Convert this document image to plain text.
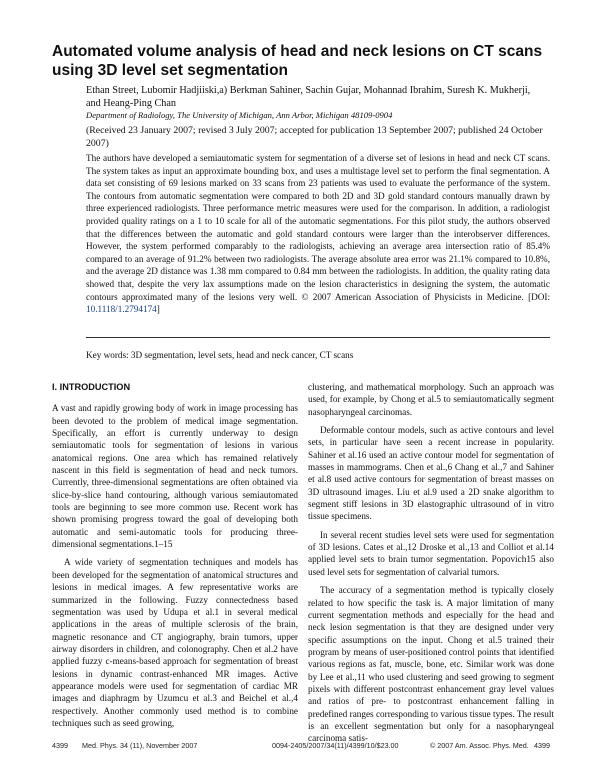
Automated volume analysis of head and neck lesions on CT scans using 3D level set segmentation
Ethan Street, Lubomir Hadjiiski,a) Berkman Sahiner, Sachin Gujar, Mohannad Ibrahim, Suresh K. Mukherji, and Heang-Ping Chan
Department of Radiology, The University of Michigan, Ann Arbor, Michigan 48109-0904
(Received 23 January 2007; revised 3 July 2007; accepted for publication 13 September 2007; published 24 October 2007)
The authors have developed a semiautomatic system for segmentation of a diverse set of lesions in head and neck CT scans. The system takes as input an approximate bounding box, and uses a multistage level set to perform the final segmentation. A data set consisting of 69 lesions marked on 33 scans from 23 patients was used to evaluate the performance of the system. The contours from automatic segmentation were compared to both 2D and 3D gold standard contours manually drawn by three experienced radiologists. Three performance metric measures were used for the comparison. In addition, a radiologist provided quality ratings on a 1 to 10 scale for all of the automatic segmentations. For this pilot study, the authors observed that the differences between the automatic and gold standard contours were larger than the interobserver differences. However, the system performed comparably to the radiologists, achieving an average area intersection ratio of 85.4% compared to an average of 91.2% between two radiologists. The average absolute area error was 21.1% compared to 10.8%, and the average 2D distance was 1.38 mm compared to 0.84 mm between the radiologists. In addition, the quality rating data showed that, despite the very lax assumptions made on the lesion characteristics in designing the system, the automatic contours approximated many of the lesions very well. © 2007 American Association of Physicists in Medicine. [DOI: 10.1118/1.2794174]
Key words: 3D segmentation, level sets, head and neck cancer, CT scans
I. INTRODUCTION

A vast and rapidly growing body of work in image processing has been devoted to the problem of medical image segmentation. Specifically, an effort is currently underway to design semiautomatic tools for segmentation of lesions in various anatomical regions. One area which has remained relatively nascent in this field is segmentation of head and neck tumors. Currently, three-dimensional segmentations are often obtained via slice-by-slice hand contouring, although various semiautomated tools are beginning to see more common use. Recent work has shown promising progress toward the goal of developing both automatic and semi-automatic tools for producing three-dimensional segmentations.1–15

A wide variety of segmentation techniques and models has been developed for the segmentation of anatomical structures and lesions in medical images. A few representative works are summarized in the following. Fuzzy connectedness based segmentation was used by Udupa et al.1 in several medical applications in the areas of multiple sclerosis of the brain, magnetic resonance and CT angiography, brain tumors, upper airway disorders in children, and colonography. Chen et al.2 have applied fuzzy c-means-based approach for segmentation of breast lesions in dynamic contrast-enhanced MR images. Active appearance models were used for segmentation of cardiac MR images and diaphragm by Uzumcu et al.3 and Beichel et al.,4 respectively. Another commonly used method is to combine techniques such as seed growing,

clustering, and mathematical morphology. Such an approach was used, for example, by Chong et al.5 to semiautomatically segment nasopharyngeal carcinomas.

Deformable contour models, such as active contours and level sets, in particular have seen a recent increase in popularity. Sahiner et al.16 used an active contour model for segmentation of masses in mammograms. Chen et al.,6 Chang et al.,7 and Sahiner et al.8 used active contours for segmentation of breast masses on 3D ultrasound images. Liu et al.9 used a 2D snake algorithm to segment stiff lesions in 3D elastographic ultrasound of in vitro tissue specimens.

In several recent studies level sets were used for segmentation of 3D lesions. Cates et al.,12 Droske et al.,13 and Colliot et al.14 applied level sets to brain tumor segmentation. Popovich15 also used level sets for segmentation of calvarial tumors.

The accuracy of a segmentation method is typically closely related to how specific the task is. A major limitation of many current segmentation methods and especially for the head and neck lesion segmentation is that they are designed under very specific assumptions on the input. Chong et al.5 trained their program by means of user-positioned control points that identified various regions as fat, muscle, bone, etc. Similar work was done by Lee et al.,11 who used clustering and seed growing to segment pixels with different postcontrast enhancement gray level values and ratios of pre- to postcontrast enhancement falling in predefined ranges corresponding to various tissue types. The result is an excellent segmentation but only for a nasopharyngeal carcinoma satis-

4399 Med. Phys. 34 (11), November 2007	0094-2405/2007/34(11)/4399/10/$23.00	© 2007 Am. Assoc. Phys. Med. 4399
